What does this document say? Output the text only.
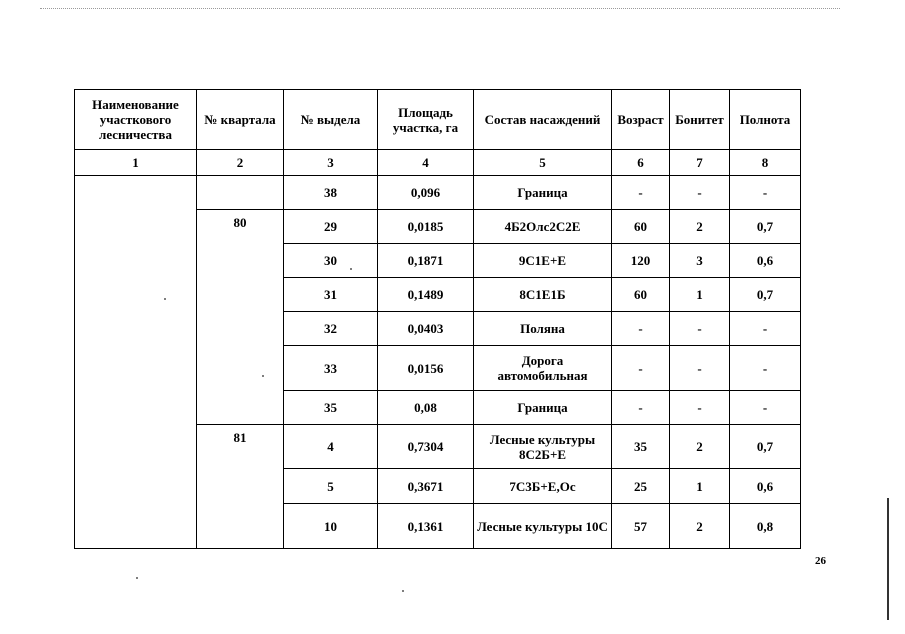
Наименование участкового лесничества	№ квартала	№ выдела	Площадь участка, га	Состав насаждений	Возраст	Бонитет	Полнота
1	2	3	4	5	6	7	8
		38	0,096	Граница	-	-	-
	80	29	0,0185	4Б2Олс2С2Е	60	2	0,7
		30	0,1871	9С1Е+Е	120	3	0,6
		31	0,1489	8С1Е1Б	60	1	0,7
		32	0,0403	Поляна	-	-	-
		33	0,0156	Дорога автомобильная	-	-	-
		35	0,08	Граница	-	-	-
	81	4	0,7304	Лесные культуры 8С2Б+Е	35	2	0,7
		5	0,3671	7С3Б+Е,Ос	25	1	0,6
		10	0,1361	Лесные культуры 10С	57	2	0,8
26
